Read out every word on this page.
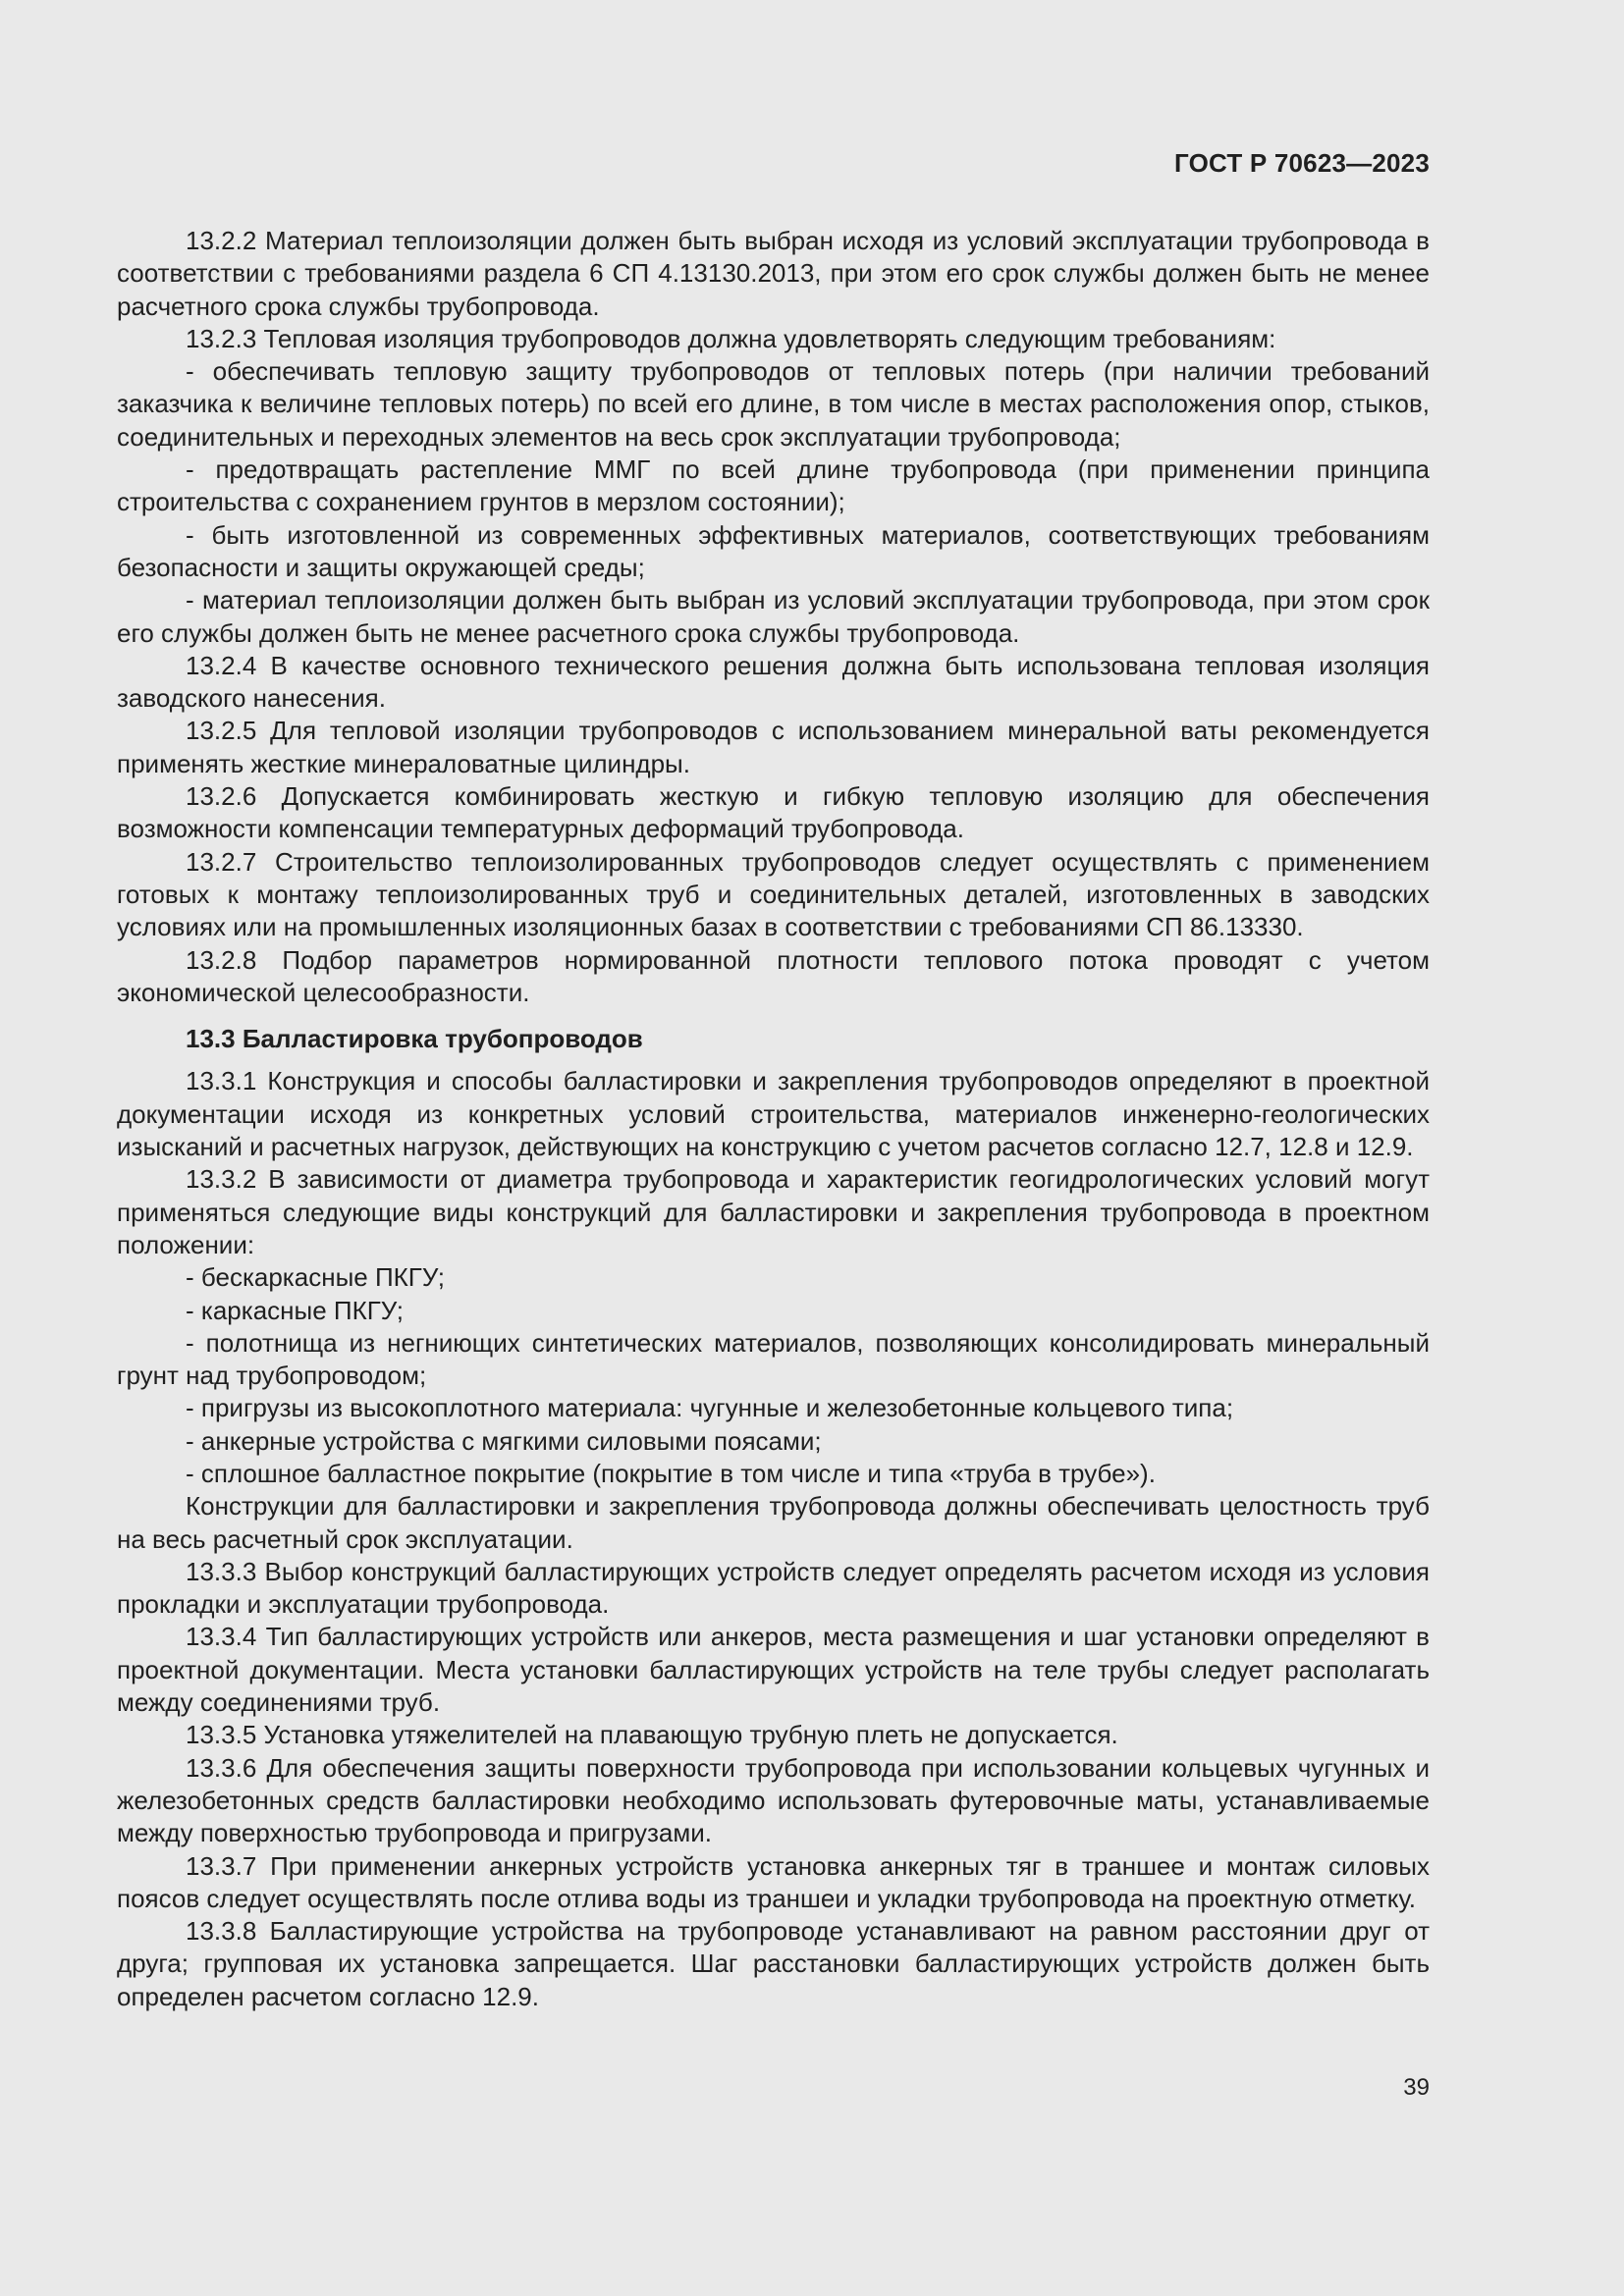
ГОСТ Р 70623—2023

13.2.2 Материал теплоизоляции должен быть выбран исходя из условий эксплуатации трубопровода в соответствии с требованиями раздела 6 СП 4.13130.2013, при этом его срок службы должен быть не менее расчетного срока службы трубопровода.

13.2.3 Тепловая изоляция трубопроводов должна удовлетворять следующим требованиям:

- обеспечивать тепловую защиту трубопроводов от тепловых потерь (при наличии требований заказчика к величине тепловых потерь) по всей его длине, в том числе в местах расположения опор, стыков, соединительных и переходных элементов на весь срок эксплуатации трубопровода;

- предотвращать растепление ММГ по всей длине трубопровода (при применении принципа строительства с сохранением грунтов в мерзлом состоянии);

- быть изготовленной из современных эффективных материалов, соответствующих требованиям безопасности и защиты окружающей среды;

- материал теплоизоляции должен быть выбран из условий эксплуатации трубопровода, при этом срок его службы должен быть не менее расчетного срока службы трубопровода.

13.2.4 В качестве основного технического решения должна быть использована тепловая изоляция заводского нанесения.

13.2.5 Для тепловой изоляции трубопроводов с использованием минеральной ваты рекомендуется применять жесткие минераловатные цилиндры.

13.2.6 Допускается комбинировать жесткую и гибкую тепловую изоляцию для обеспечения возможности компенсации температурных деформаций трубопровода.

13.2.7 Строительство теплоизолированных трубопроводов следует осуществлять с применением готовых к монтажу теплоизолированных труб и соединительных деталей, изготовленных в заводских условиях или на промышленных изоляционных базах в соответствии с требованиями СП 86.13330.

13.2.8 Подбор параметров нормированной плотности теплового потока проводят с учетом экономической целесообразности.

13.3 Балластировка трубопроводов

13.3.1 Конструкция и способы балластировки и закрепления трубопроводов определяют в проектной документации исходя из конкретных условий строительства, материалов инженерно-геологических изысканий и расчетных нагрузок, действующих на конструкцию с учетом расчетов согласно 12.7, 12.8 и 12.9.

13.3.2 В зависимости от диаметра трубопровода и характеристик геогидрологических условий могут применяться следующие виды конструкций для балластировки и закрепления трубопровода в проектном положении:

- бескаркасные ПКГУ;

- каркасные ПКГУ;

- полотнища из негниющих синтетических материалов, позволяющих консолидировать минеральный грунт над трубопроводом;

- пригрузы из высокоплотного материала: чугунные и железобетонные кольцевого типа;

- анкерные устройства с мягкими силовыми поясами;

- сплошное балластное покрытие (покрытие в том числе и типа «труба в трубе»).

Конструкции для балластировки и закрепления трубопровода должны обеспечивать целостность труб на весь расчетный срок эксплуатации.

13.3.3 Выбор конструкций балластирующих устройств следует определять расчетом исходя из условия прокладки и эксплуатации трубопровода.

13.3.4 Тип балластирующих устройств или анкеров, места размещения и шаг установки определяют в проектной документации. Места установки балластирующих устройств на теле трубы следует располагать между соединениями труб.

13.3.5 Установка утяжелителей на плавающую трубную плеть не допускается.

13.3.6 Для обеспечения защиты поверхности трубопровода при использовании кольцевых чугунных и железобетонных средств балластировки необходимо использовать футеровочные маты, устанавливаемые между поверхностью трубопровода и пригрузами.

13.3.7 При применении анкерных устройств установка анкерных тяг в траншее и монтаж силовых поясов следует осуществлять после отлива воды из траншеи и укладки трубопровода на проектную отметку.

13.3.8 Балластирующие устройства на трубопроводе устанавливают на равном расстоянии друг от друга; групповая их установка запрещается. Шаг расстановки балластирующих устройств должен быть определен расчетом согласно 12.9.

39
